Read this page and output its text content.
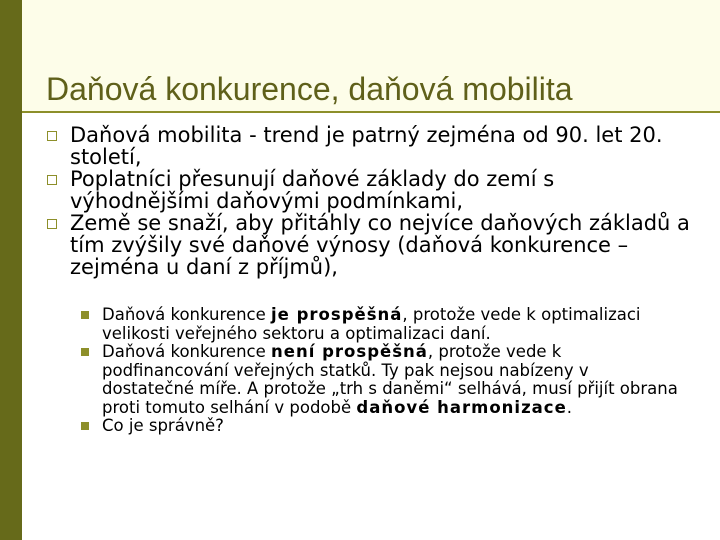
Daňová konkurence, daňová mobilita
Daňová mobilita - trend je patrný zejména od 90. let 20. století,
Poplatníci přesunují daňové základy do zemí s výhodnějšími daňovými podmínkami,
Země se snaží, aby přitáhly co nejvíce daňových základů a tím zvýšily své daňové výnosy (daňová konkurence – zejména u daní z příjmů),
Daňová konkurence je prospěšná, protože vede k optimalizaci velikosti veřejného sektoru a optimalizaci daní.
Daňová konkurence není prospěšná, protože vede k podfinancování veřejných statků. Ty pak nejsou nabízeny v dostatečné míře. A protože „trh s daněmi“ selhává, musí přijít obrana proti tomuto selhání v podobě daňové harmonizace.
Co je správně?
